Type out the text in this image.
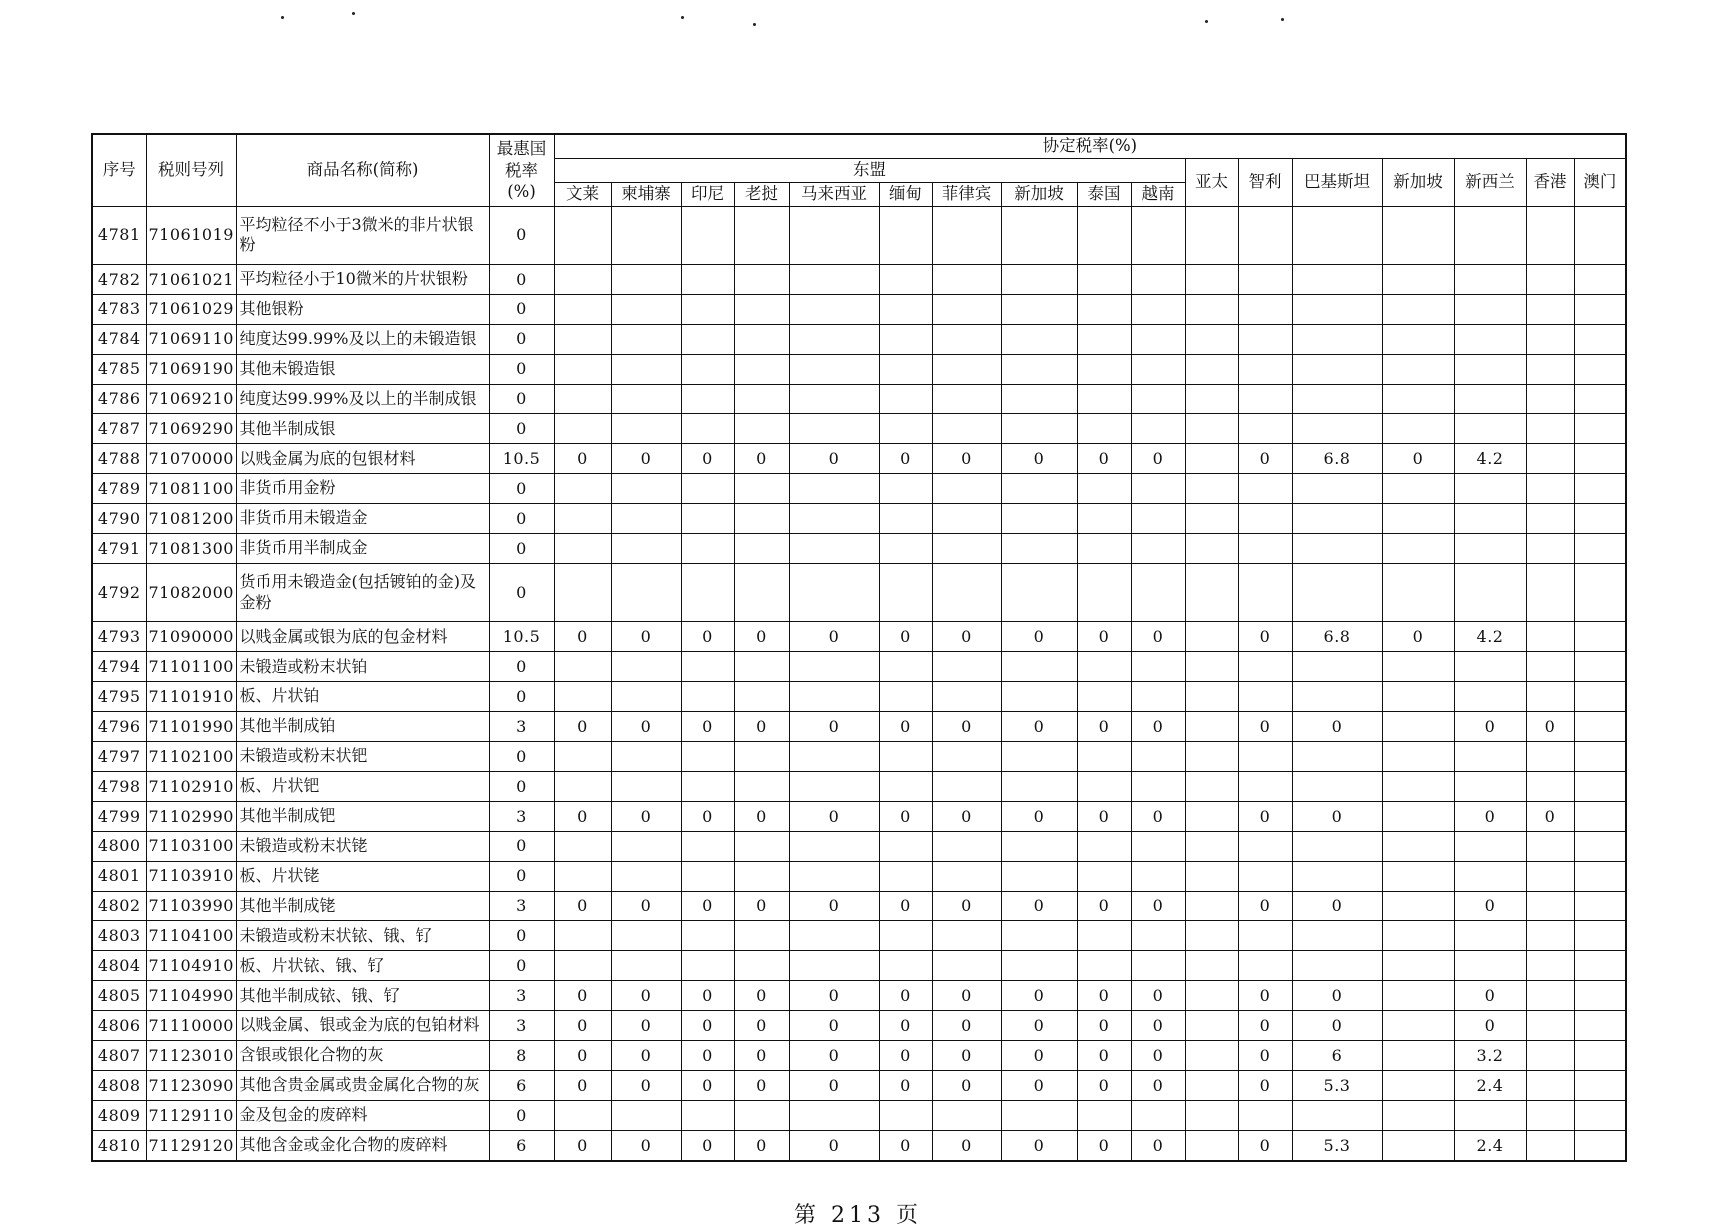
序号	税则号列	商品名称(简称)	最惠国
税率
(%)	协定税率(%)																
				东盟										亚太	智利	巴基斯坦	新加坡	新西兰	香港	澳门
				文莱	柬埔寨	印尼	老挝	马来西亚	缅甸	菲律宾	新加坡	泰国	越南							
4781	71061019	平均粒径不小于3微米的非片状银粉	0																	
4782	71061021	平均粒径小于10微米的片状银粉	0																	
4783	71061029	其他银粉	0																	
4784	71069110	纯度达99.99%及以上的未锻造银	0																	
4785	71069190	其他未锻造银	0																	
4786	71069210	纯度达99.99%及以上的半制成银	0																	
4787	71069290	其他半制成银	0																	
4788	71070000	以贱金属为底的包银材料	10.5	0	0	0	0	0	0	0	0	0	0		0	6.8	0	4.2		
4789	71081100	非货币用金粉	0																	
4790	71081200	非货币用未锻造金	0																	
4791	71081300	非货币用半制成金	0																	
4792	71082000	货币用未锻造金(包括镀铂的金)及金粉	0																	
4793	71090000	以贱金属或银为底的包金材料	10.5	0	0	0	0	0	0	0	0	0	0		0	6.8	0	4.2		
4794	71101100	未锻造或粉末状铂	0																	
4795	71101910	板、片状铂	0																	
4796	71101990	其他半制成铂	3	0	0	0	0	0	0	0	0	0	0		0	0		0	0	
4797	71102100	未锻造或粉末状钯	0																	
4798	71102910	板、片状钯	0																	
4799	71102990	其他半制成钯	3	0	0	0	0	0	0	0	0	0	0		0	0		0	0	
4800	71103100	未锻造或粉末状铑	0																	
4801	71103910	板、片状铑	0																	
4802	71103990	其他半制成铑	3	0	0	0	0	0	0	0	0	0	0		0	0		0		
4803	71104100	未锻造或粉末状铱、锇、钌	0																	
4804	71104910	板、片状铱、锇、钌	0																	
4805	71104990	其他半制成铱、锇、钌	3	0	0	0	0	0	0	0	0	0	0		0	0		0		
4806	71110000	以贱金属、银或金为底的包铂材料	3	0	0	0	0	0	0	0	0	0	0		0	0		0		
4807	71123010	含银或银化合物的灰	8	0	0	0	0	0	0	0	0	0	0		0	6		3.2		
4808	71123090	其他含贵金属或贵金属化合物的灰	6	0	0	0	0	0	0	0	0	0	0		0	5.3		2.4		
4809	71129110	金及包金的废碎料	0																	
4810	71129120	其他含金或金化合物的废碎料	6	0	0	0	0	0	0	0	0	0	0		0	5.3		2.4		
第 213 页
